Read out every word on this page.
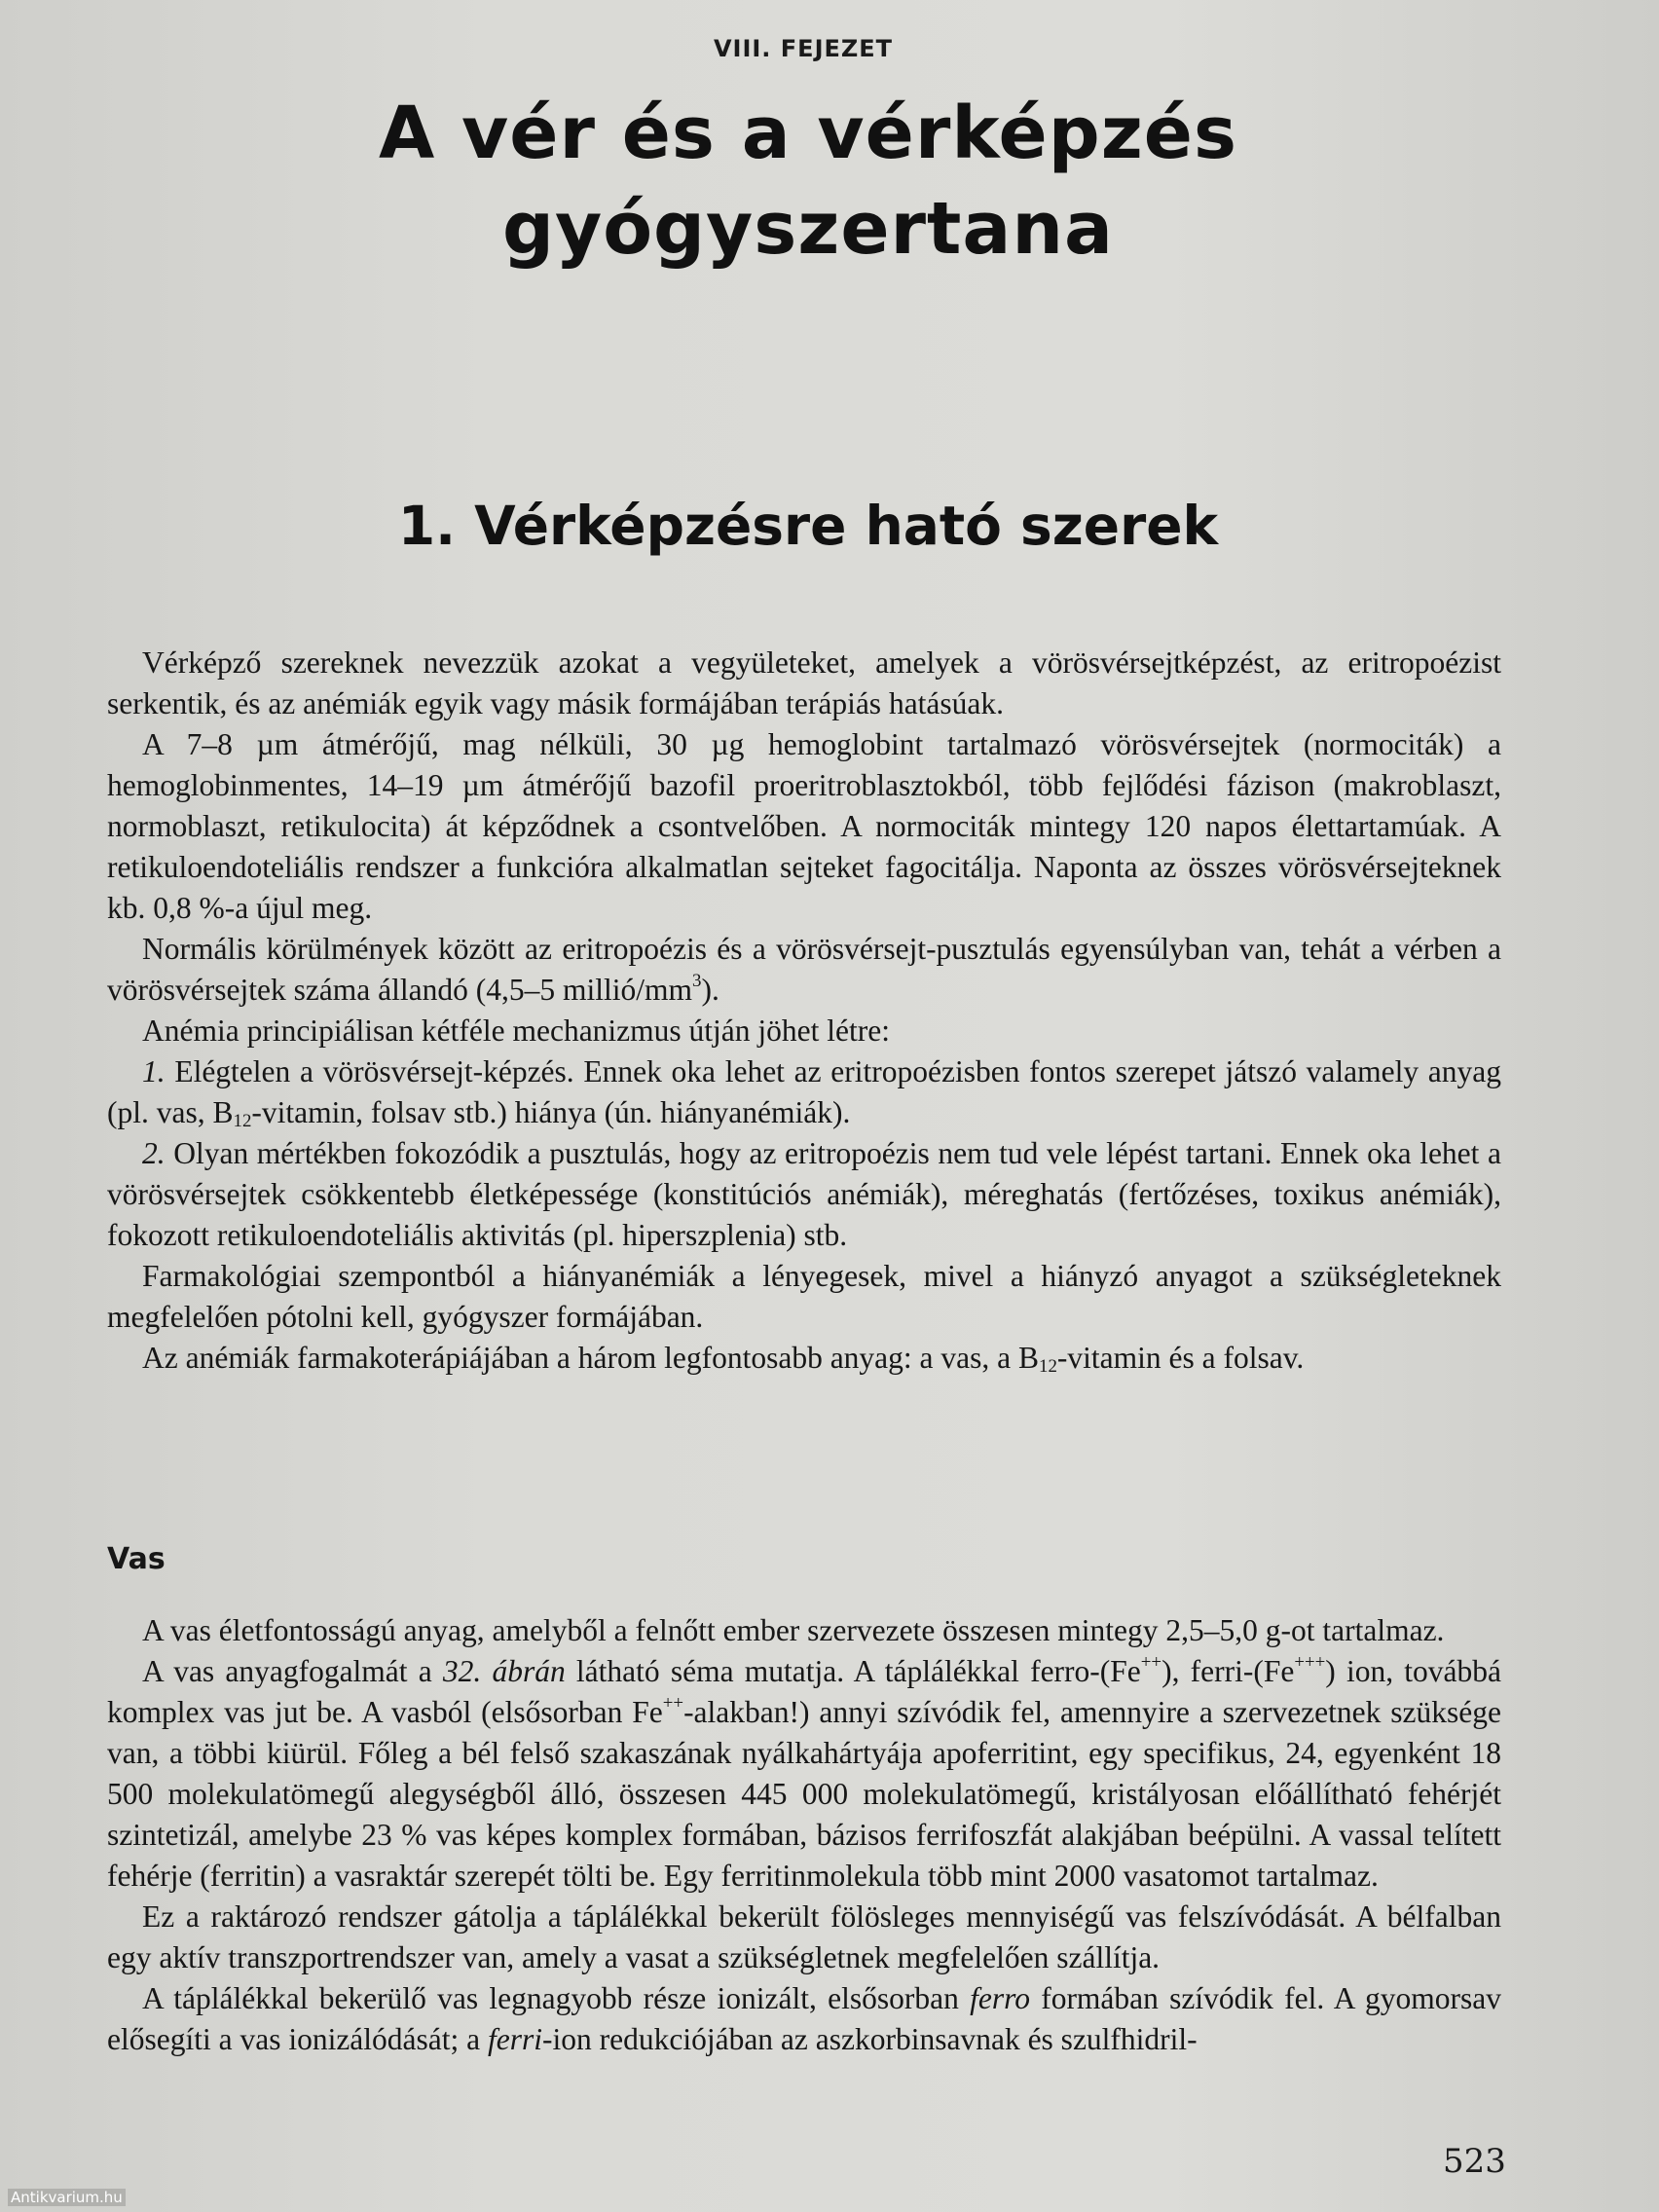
VIII. FEJEZET
A vér és a vérképzés
gyógyszertana
1. Vérképzésre ható szerek

Vérképző szereknek nevezzük azokat a vegyületeket, amelyek a vörösvérsejtképzést, az eritropoézist serkentik, és az anémiák egyik vagy másik formájában terápiás hatásúak.

A 7–8 µm átmérőjű, mag nélküli, 30 µg hemoglobint tartalmazó vörösvérsejtek (normociták) a hemoglobinmentes, 14–19 µm átmérőjű bazofil proeritroblasztokból, több fejlődési fázison (makroblaszt, normoblaszt, retikulocita) át képződnek a csontvelőben. A normociták mintegy 120 napos élettartamúak. A retikuloendoteliális rendszer a funkcióra alkalmatlan sejteket fagocitálja. Naponta az összes vörösvérsejteknek kb. 0,8 %-a újul meg.

Normális körülmények között az eritropoézis és a vörösvérsejt-pusztulás egyensúlyban van, tehát a vérben a vörösvérsejtek száma állandó (4,5–5 millió/$mm^3$).

Anémia principiálisan kétféle mechanizmus útján jöhet létre:

1. Elégtelen a vörösvérsejt-képzés. Ennek oka lehet az eritropoézisben fontos szerepet játszó valamely anyag (pl. vas, $B_{12}$-vitamin, folsav stb.) hiánya (ún. hiányanémiák).

2. Olyan mértékben fokozódik a pusztulás, hogy az eritropoézis nem tud vele lépést tartani. Ennek oka lehet a vörösvérsejtek csökkentebb életképessége (konstitúciós anémiák), méreghatás (fertőzéses, toxikus anémiák), fokozott retikuloendoteliális aktivitás (pl. hiperszplenia) stb.

Farmakológiai szempontból a hiányanémiák a lényegesek, mivel a hiányzó anyagot a szükségleteknek megfelelően pótolni kell, gyógyszer formájában.

Az anémiák farmakoterápiájában a három legfontosabb anyag: a vas, a $B_{12}$-vitamin és a folsav.

Vas

A vas életfontosságú anyag, amelyből a felnőtt ember szervezete összesen mintegy 2,5–5,0 g-ot tartalmaz.

A vas anyagfogalmát a 32. ábrán látható séma mutatja. A táplálékkal ferro-(Fe++), ferri-(Fe+++) ion, továbbá komplex vas jut be. A vasból (elsősorban Fe++-alakban!) annyi szívódik fel, amennyire a szervezetnek szüksége van, a többi kiürül. Főleg a bél felső szakaszának nyálkahártyája apoferritint, egy specifikus, 24, egyenként 18 500 molekulatömegű alegységből álló, összesen 445 000 molekulatömegű, kristályosan előállítható fehérjét szintetizál, amelybe 23 % vas képes komplex formában, bázisos ferrifoszfát alakjában beépülni. A vassal telített fehérje (ferritin) a vasraktár szerepét tölti be. Egy ferritinmolekula több mint 2000 vasatomot tartalmaz.

Ez a raktározó rendszer gátolja a táplálékkal bekerült fölösleges mennyiségű vas felszívódását. A bélfalban egy aktív transzportrendszer van, amely a vasat a szükségletnek megfelelően szállítja.

A táplálékkal bekerülő vas legnagyobb része ionizált, elsősorban ferro formában szívódik fel. A gyomorsav elősegíti a vas ionizálódását; a ferri-ion redukciójában az aszkorbinsavnak és szulfhidril-

523
Antikvarium.hu
